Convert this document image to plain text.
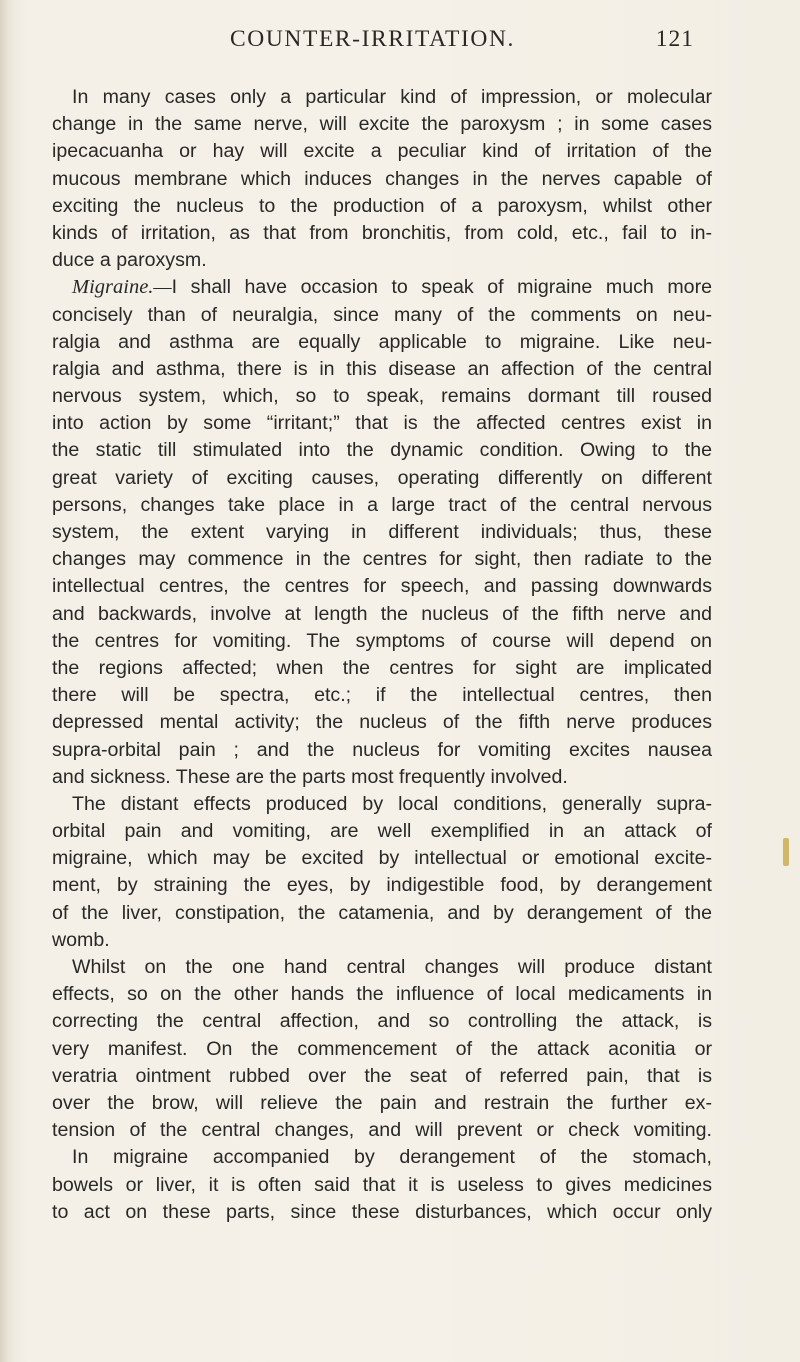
COUNTER-IRRITATION.	121
In many cases only a particular kind of impression, or molecular
change in the same nerve, will excite the paroxysm ; in some cases
ipecacuanha or hay will excite a peculiar kind of irritation of the
mucous membrane which induces changes in the nerves capable of
exciting the nucleus to the production of a paroxysm, whilst other
kinds of irritation, as that from bronchitis, from cold, etc., fail to in-
duce a paroxysm.
Migraine.—I shall have occasion to speak of migraine much more
concisely than of neuralgia, since many of the comments on neu-
ralgia and asthma are equally applicable to migraine. Like neu-
ralgia and asthma, there is in this disease an affection of the central
nervous system, which, so to speak, remains dormant till roused
into action by some “irritant;” that is the affected centres exist in
the static till stimulated into the dynamic condition. Owing to the
great variety of exciting causes, operating differently on different
persons, changes take place in a large tract of the central nervous
system, the extent varying in different individuals; thus, these
changes may commence in the centres for sight, then radiate to the
intellectual centres, the centres for speech, and passing downwards
and backwards, involve at length the nucleus of the fifth nerve and
the centres for vomiting. The symptoms of course will depend on
the regions affected; when the centres for sight are implicated
there will be spectra, etc.; if the intellectual centres, then
depressed mental activity; the nucleus of the fifth nerve produces
supra-orbital pain ; and the nucleus for vomiting excites nausea
and sickness. These are the parts most frequently involved.
The distant effects produced by local conditions, generally supra-
orbital pain and vomiting, are well exemplified in an attack of
migraine, which may be excited by intellectual or emotional excite-
ment, by straining the eyes, by indigestible food, by derangement
of the liver, constipation, the catamenia, and by derangement of the
womb.
Whilst on the one hand central changes will produce distant
effects, so on the other hands the influence of local medicaments in
correcting the central affection, and so controlling the attack, is
very manifest. On the commencement of the attack aconitia or
veratria ointment rubbed over the seat of referred pain, that is
over the brow, will relieve the pain and restrain the further ex-
tension of the central changes, and will prevent or check vomiting.
In migraine accompanied by derangement of the stomach,
bowels or liver, it is often said that it is useless to gives medicines
to act on these parts, since these disturbances, which occur only
